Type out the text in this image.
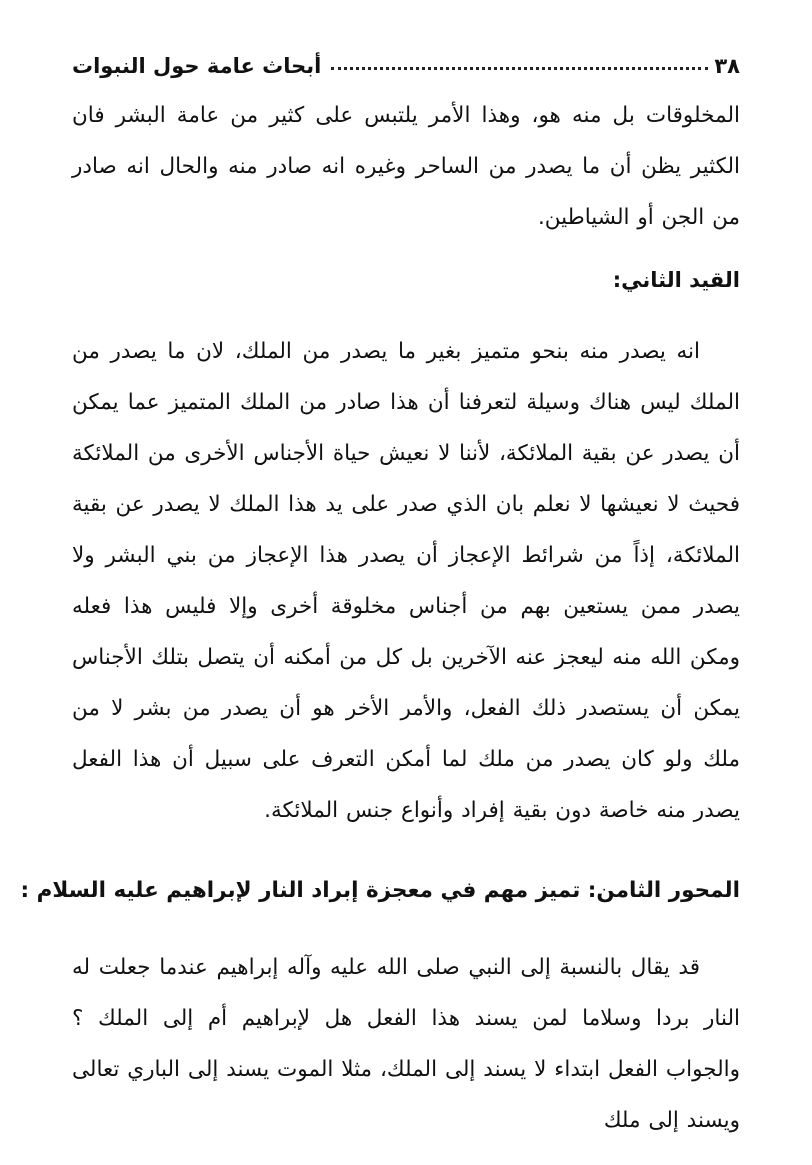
٣٨
أبحاث عامة حول النبوات

المخلوقات بل منه هو، وهذا الأمر يلتبس على كثير من عامة البشر فان الكثير يظن أن ما يصدر من الساحر وغيره انه صادر منه والحال انه صادر من الجن أو الشياطين.

القيد الثاني:

انه يصدر منه بنحو متميز بغير ما يصدر من الملك، لان ما يصدر من الملك ليس هناك وسيلة لتعرفنا أن هذا صادر من الملك المتميز عما يمكن أن يصدر عن بقية الملائكة، لأننا لا نعيش حياة الأجناس الأخرى من الملائكة فحيث لا نعيشها لا نعلم بان الذي صدر على يد هذا الملك لا يصدر عن بقية الملائكة، إذاً من شرائط الإعجاز أن يصدر هذا الإعجاز من بني البشر ولا يصدر ممن يستعين بهم من أجناس مخلوقة أخرى وإلا فليس هذا فعله ومكن الله منه ليعجز عنه الآخرين بل كل من أمكنه أن يتصل بتلك الأجناس يمكن أن يستصدر ذلك الفعل، والأمر الأخر هو أن يصدر من بشر لا من ملك ولو كان يصدر من ملك لما أمكن التعرف على سبيل أن هذا الفعل يصدر منه خاصة دون بقية إفراد وأنواع جنس الملائكة.

المحور الثامن: تميز مهم في معجزة إبراد النار لإبراهيم عليه السلام :

قد يقال بالنسبة إلى النبي صلى الله عليه وآله إبراهيم عندما جعلت له النار بردا وسلاما لمن يسند هذا الفعل هل لإبراهيم أم إلى الملك ؟ والجواب الفعل ابتداء لا يسند إلى الملك، مثلا الموت يسند إلى الباري تعالى ويسند إلى ملك
